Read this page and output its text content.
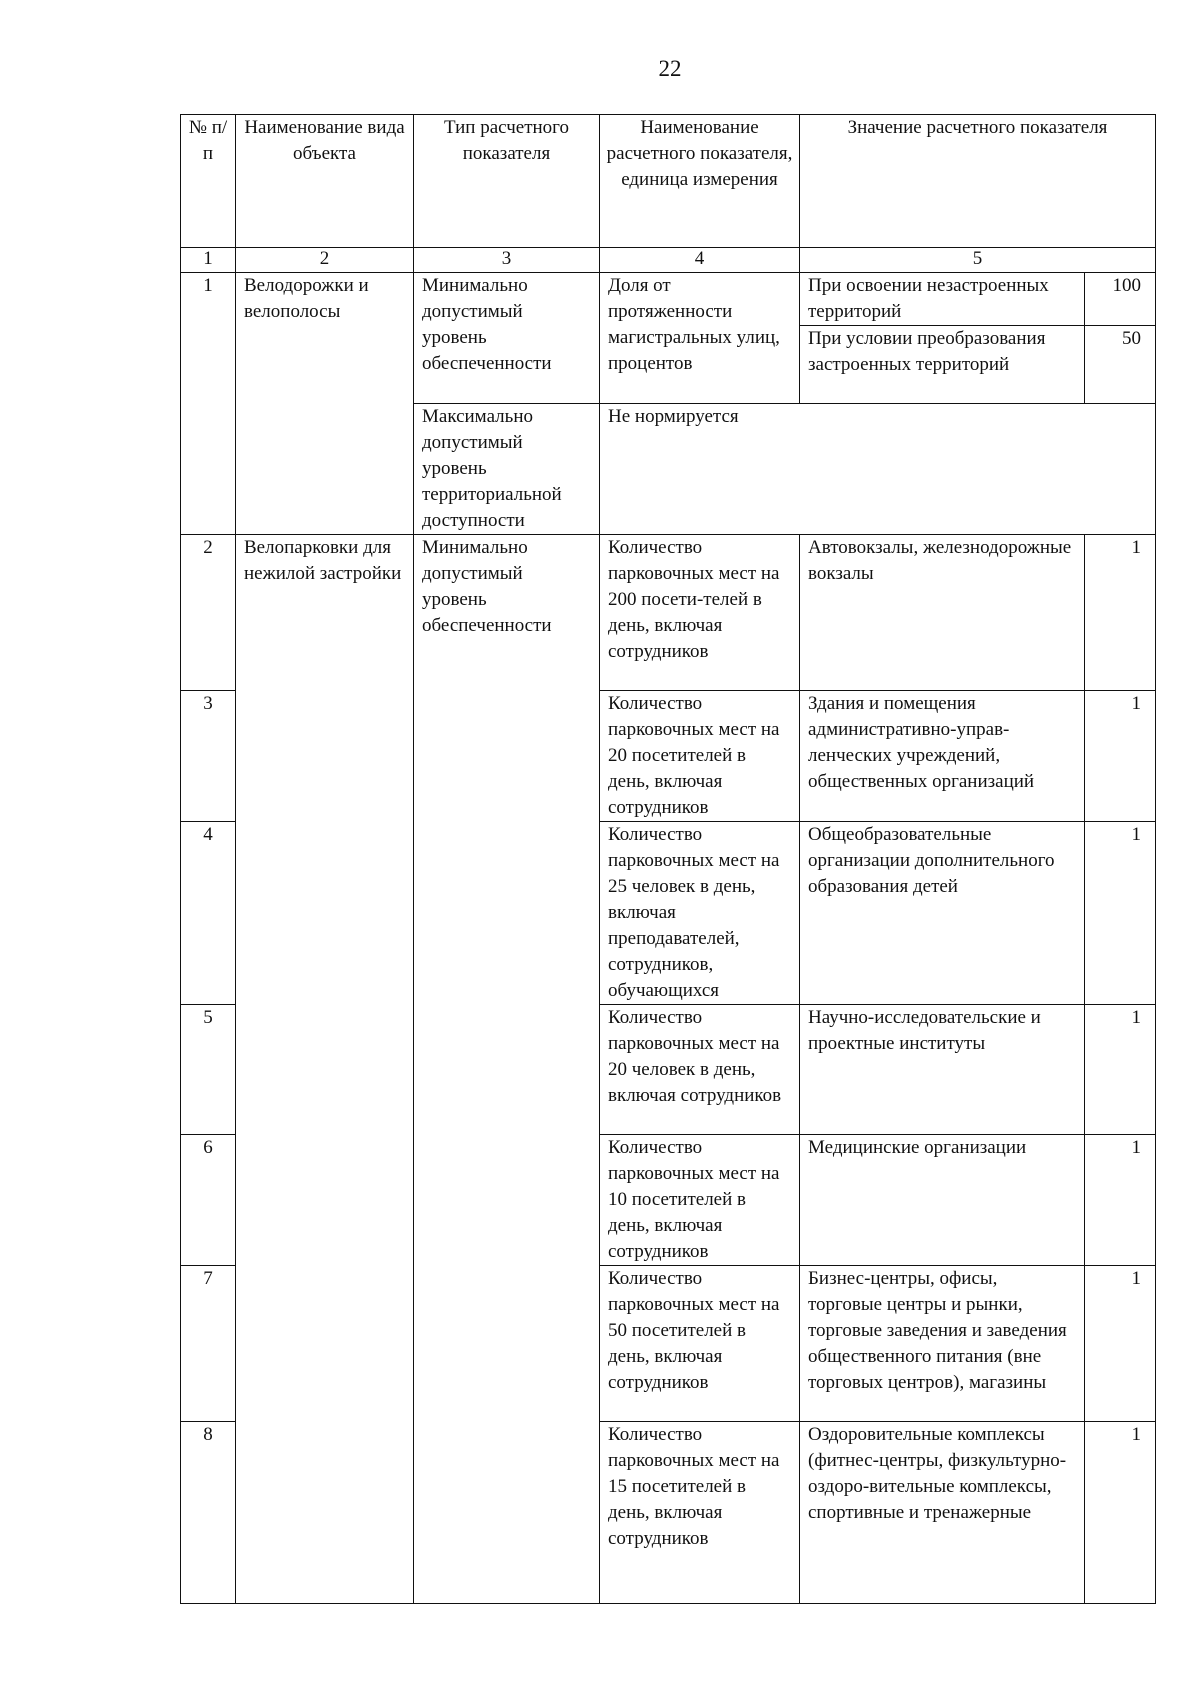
22
№ п/п	Наименование вида объекта	Тип расчетного показателя	Наименование расчетного показателя, единица измерения	Значение расчетного показателя	
1	2	3	4	5	
1	Велодорожки и велополосы	Минимально допустимый уровень обеспеченности	Доля от протяженности магистральных улиц, процентов	При освоении незастроенных территорий	100
				При условии преобразования застроенных территорий	50
		Максимально допустимый уровень территориальной доступности	Не нормируется		
2	Велопарковки для нежилой застройки	Минимально допустимый уровень обеспеченности	Количество парковочных мест на 200 посети-телей в день, включая сотрудников	Автовокзалы, железнодорожные вокзалы	1
3			Количество парковочных мест на 20 посетителей в день, включая сотрудников	Здания и помещения административно-управ-ленческих учреждений, общественных организаций	1
4			Количество парковочных мест на 25 человек в день, включая преподавателей, сотрудников, обучающихся	Общеобразовательные организации дополнительного образования детей	1
5			Количество парковочных мест на 20 человек в день, включая сотрудников	Научно-исследовательские и проектные институты	1
6			Количество парковочных мест на 10 посетителей в день, включая сотрудников	Медицинские организации	1
7			Количество парковочных мест на 50 посетителей в день, включая сотрудников	Бизнес-центры, офисы, торговые центры и рынки, торговые заведения и заведения общественного питания (вне торговых центров), магазины	1
8			Количество парковочных мест на 15 посетителей в день, включая сотрудников	Оздоровительные комплексы (фитнес-центры, физкультурно-оздоро-вительные комплексы, спортивные и тренажерные	1
